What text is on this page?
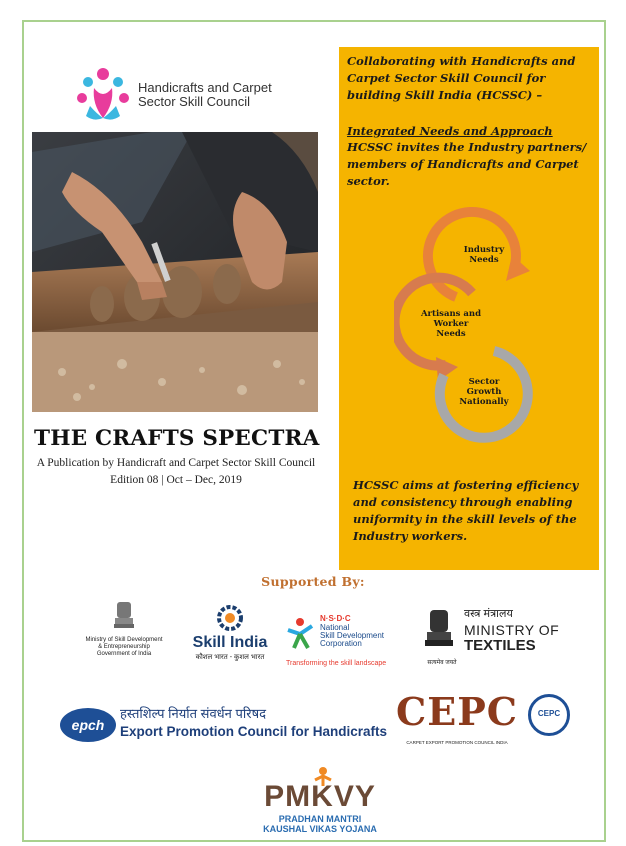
Handicrafts and Carpet
Sector Skill Council
THE CRAFTS SPECTRA
A Publication by Handicraft and Carpet Sector Skill Council
Edition 08 | Oct – Dec, 2019
Collaborating with Handicrafts and Carpet Sector Skill Council for building Skill India (HCSSC) –
Integrated Needs and Approach
HCSSC invites the Industry partners/ members of Handicrafts and Carpet sector.
Industry
Needs
Artisans and
Worker
Needs
Sector
Growth
Nationally
HCSSC aims at fostering efficiency and consistency through enabling uniformity in the skill levels of the Industry workers.
Supported By:
Ministry of Skill Development
& Entrepreneurship
Government of India
Skill India
कौशल भारत - कुशल भारत
N·S·D·C
National
Skill Development
Corporation
Transforming the skill landscape	सत्यमेव जयते
वस्त्र मंत्रालय
MINISTRY OF
TEXTILES
epch
हस्तशिल्प निर्यात संवर्धन परिषद
Export Promotion Council for Handicrafts CEPC
CARPET EXPORT PROMOTION COUNCIL INDIA
CEPC
PMKVY
PRADHAN MANTRI
KAUSHAL VIKAS YOJANA
